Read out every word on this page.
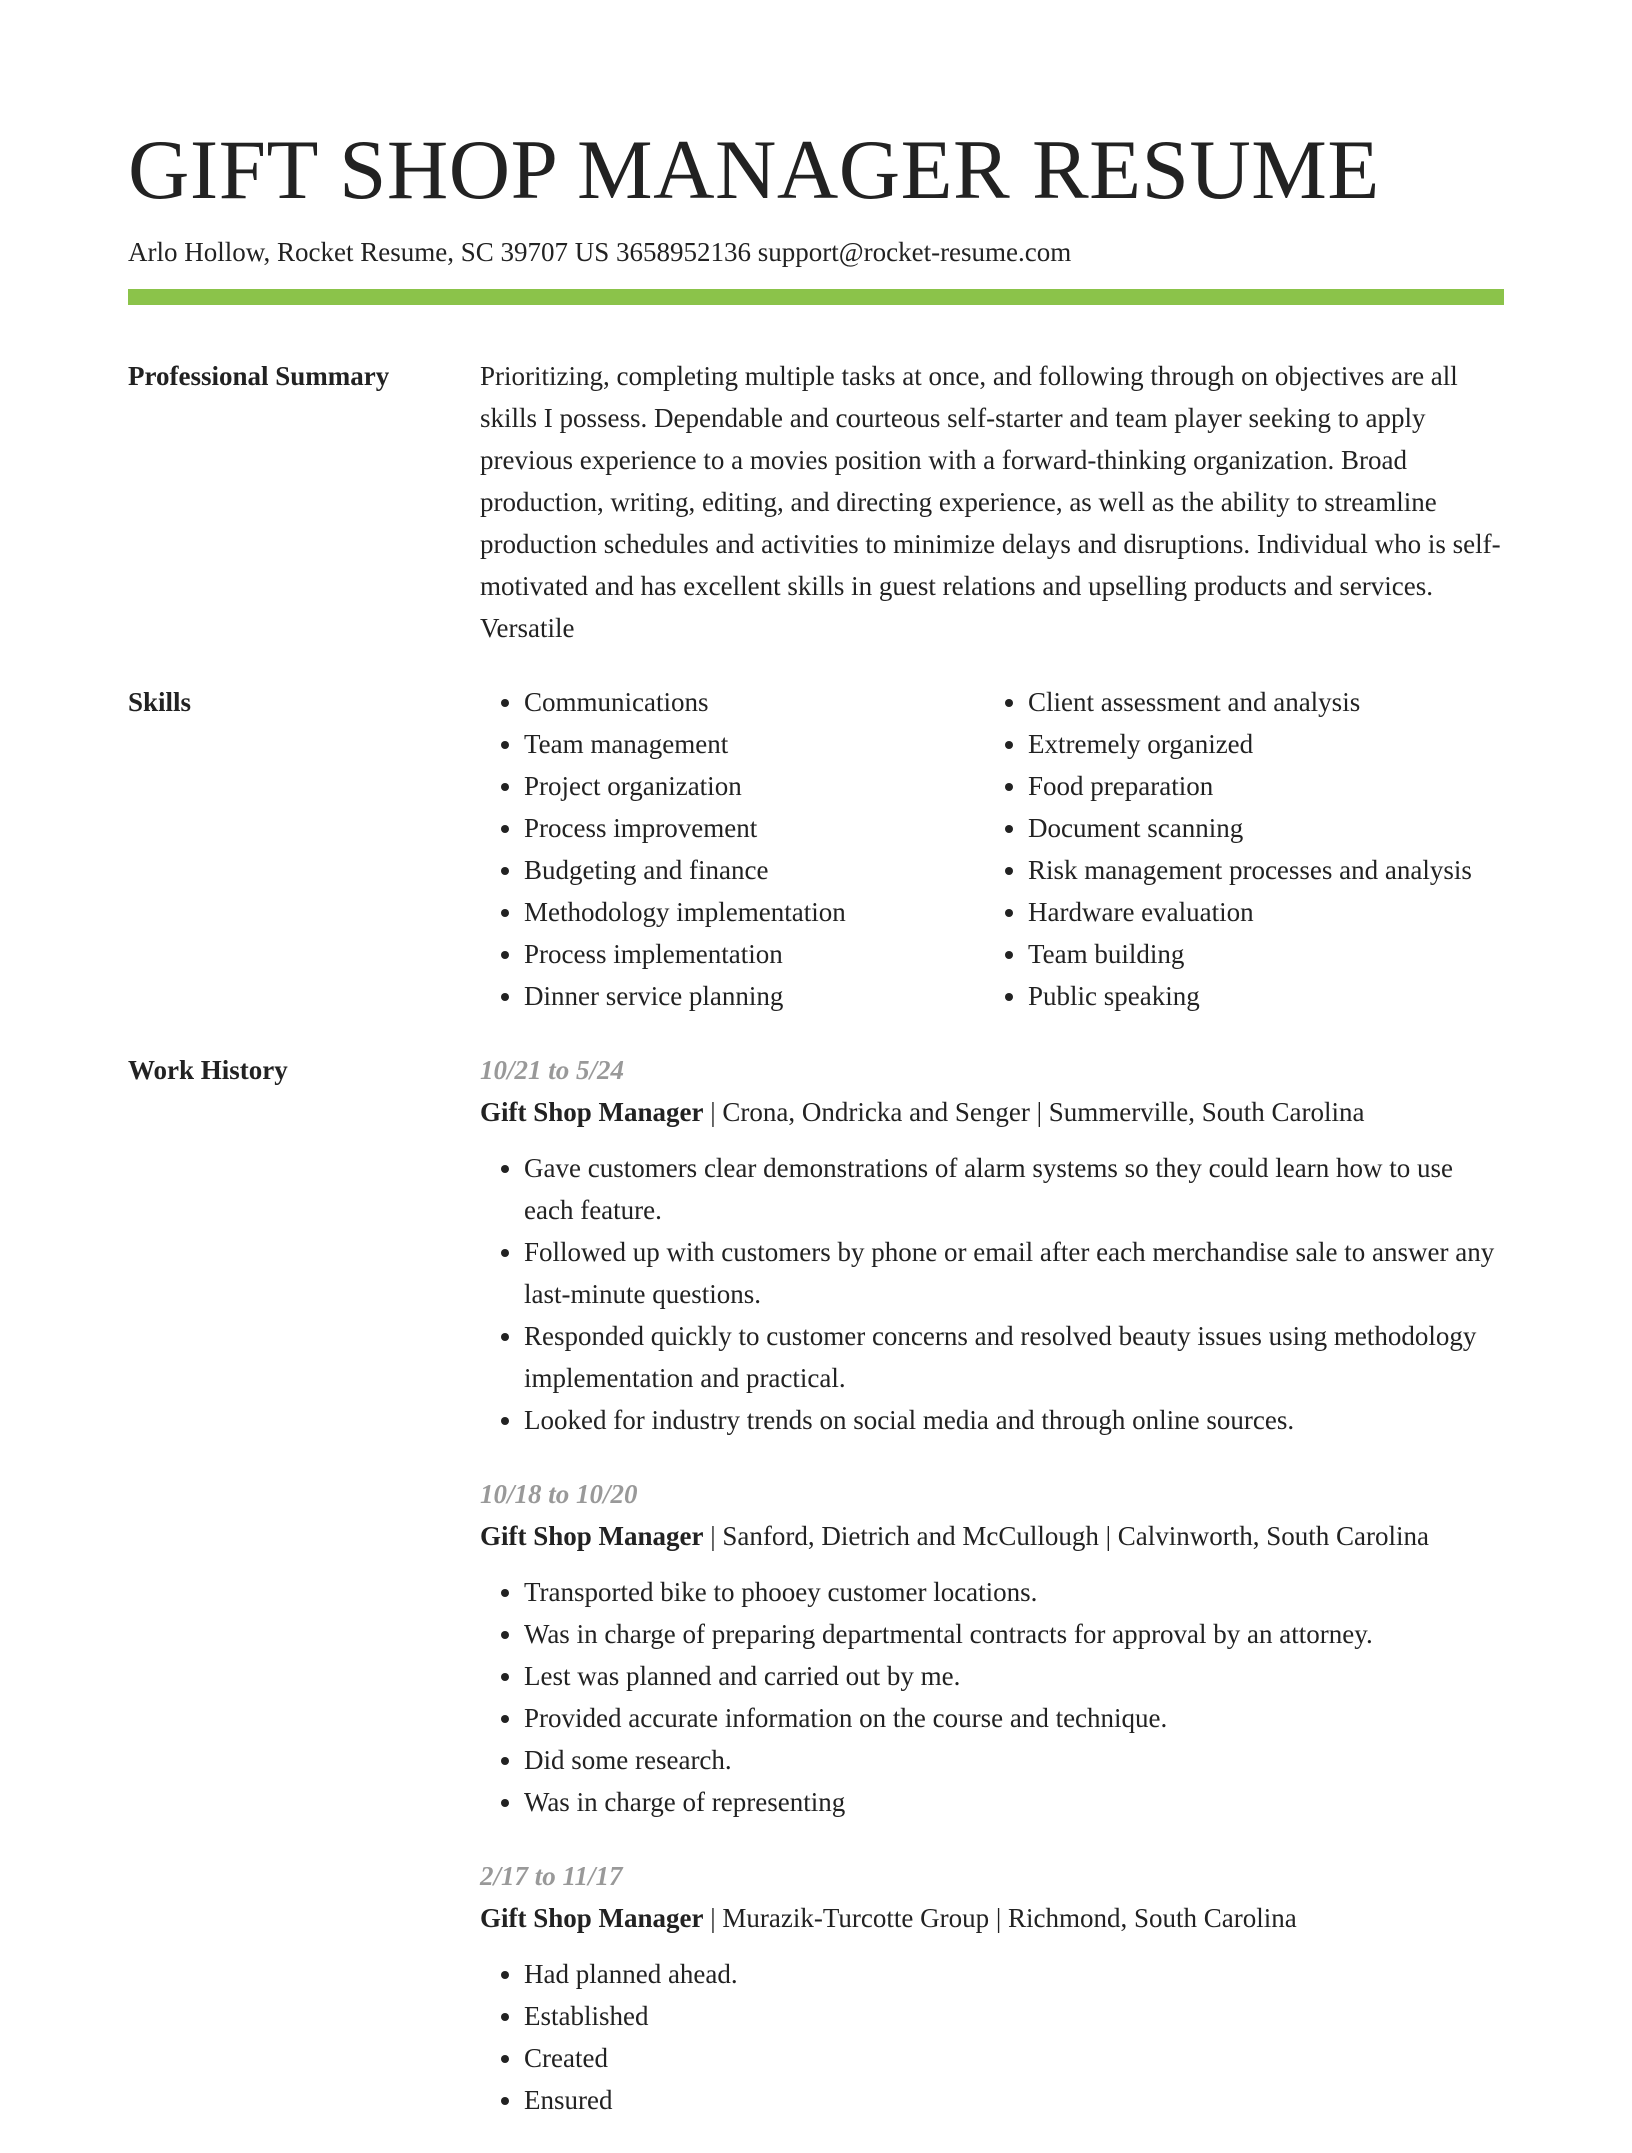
GIFT SHOP MANAGER RESUME
Arlo Hollow, Rocket Resume, SC 39707 US 3658952136 support@rocket-resume.com
Professional Summary	Prioritizing, completing multiple tasks at once, and following through on objectives are all skills I possess. Dependable and courteous self-starter and team player seeking to apply previous experience to a movies position with a forward-thinking organization. Broad production, writing, editing, and directing experience, as well as the ability to streamline production schedules and activities to minimize delays and disruptions. Individual who is self-motivated and has excellent skills in guest relations and upselling products and services. Versatile

Skills
•	Communications
• Team management
• Project organization
• Process improvement
• Budgeting and finance
• Methodology implementation
• Process implementation
• Dinner service planning
• Client assessment and analysis
• Extremely organized
• Food preparation
• Document scanning
• Risk management processes and analysis
• Hardware evaluation
• Team building
• Public speaking
Work History	10/21 to 5/24
Gift Shop Manager | Crona, Ondricka and Senger | Summerville, South Carolina
• Gave customers clear demonstrations of alarm systems so they could learn how to use each feature.
• Followed up with customers by phone or email after each merchandise sale to answer any last-minute questions.
• Responded quickly to customer concerns and resolved beauty issues using methodology implementation and practical.
• Looked for industry trends on social media and through online sources.
10/18 to 10/20
Gift Shop Manager | Sanford, Dietrich and McCullough | Calvinworth, South Carolina
• Transported bike to phooey customer locations.
• Was in charge of preparing departmental contracts for approval by an attorney.
• Lest was planned and carried out by me.
• Provided accurate information on the course and technique.
• Did some research.
• Was in charge of representing
2/17 to 11/17
Gift Shop Manager | Murazik-Turcotte Group | Richmond, South Carolina
• Had planned ahead.
• Established
• Created
• Ensured
